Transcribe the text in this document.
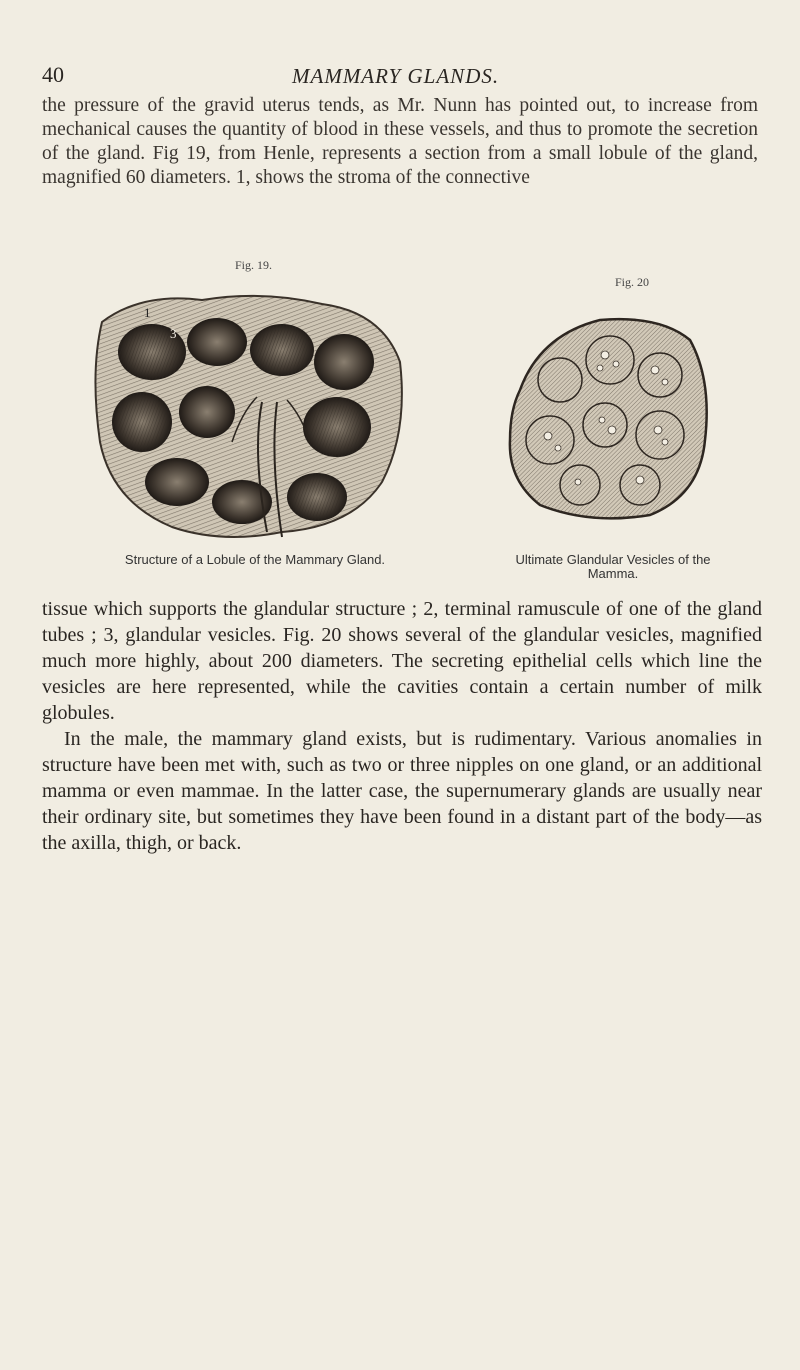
40	MAMMARY GLANDS.

the pressure of the gravid uterus tends, as Mr. Nunn has pointed out, to increase from mechanical causes the quantity of blood in these vessels, and thus to promote the secretion of the gland. Fig 19, from Henle, represents a section from a small lobule of the gland, magnified 60 diameters. 1, shows the stroma of the connective

Fig. 19.
Fig. 20
1
3
Structure of a Lobule of the Mammary Gland.	Ultimate Glandular Vesicles of the Mamma.

tissue which supports the glandular structure ; 2, terminal ramuscule of one of the gland tubes ; 3, glandular vesicles. Fig. 20 shows several of the glandular vesicles, magnified much more highly, about 200 diameters. The secreting epithelial cells which line the vesicles are here represented, while the cavities contain a certain number of milk globules.

In the male, the mammary gland exists, but is rudimentary. Various anomalies in structure have been met with, such as two or three nipples on one gland, or an additional mamma or even mammae. In the latter case, the supernumerary glands are usually near their ordinary site, but sometimes they have been found in a distant part of the body—as the axilla, thigh, or back.
